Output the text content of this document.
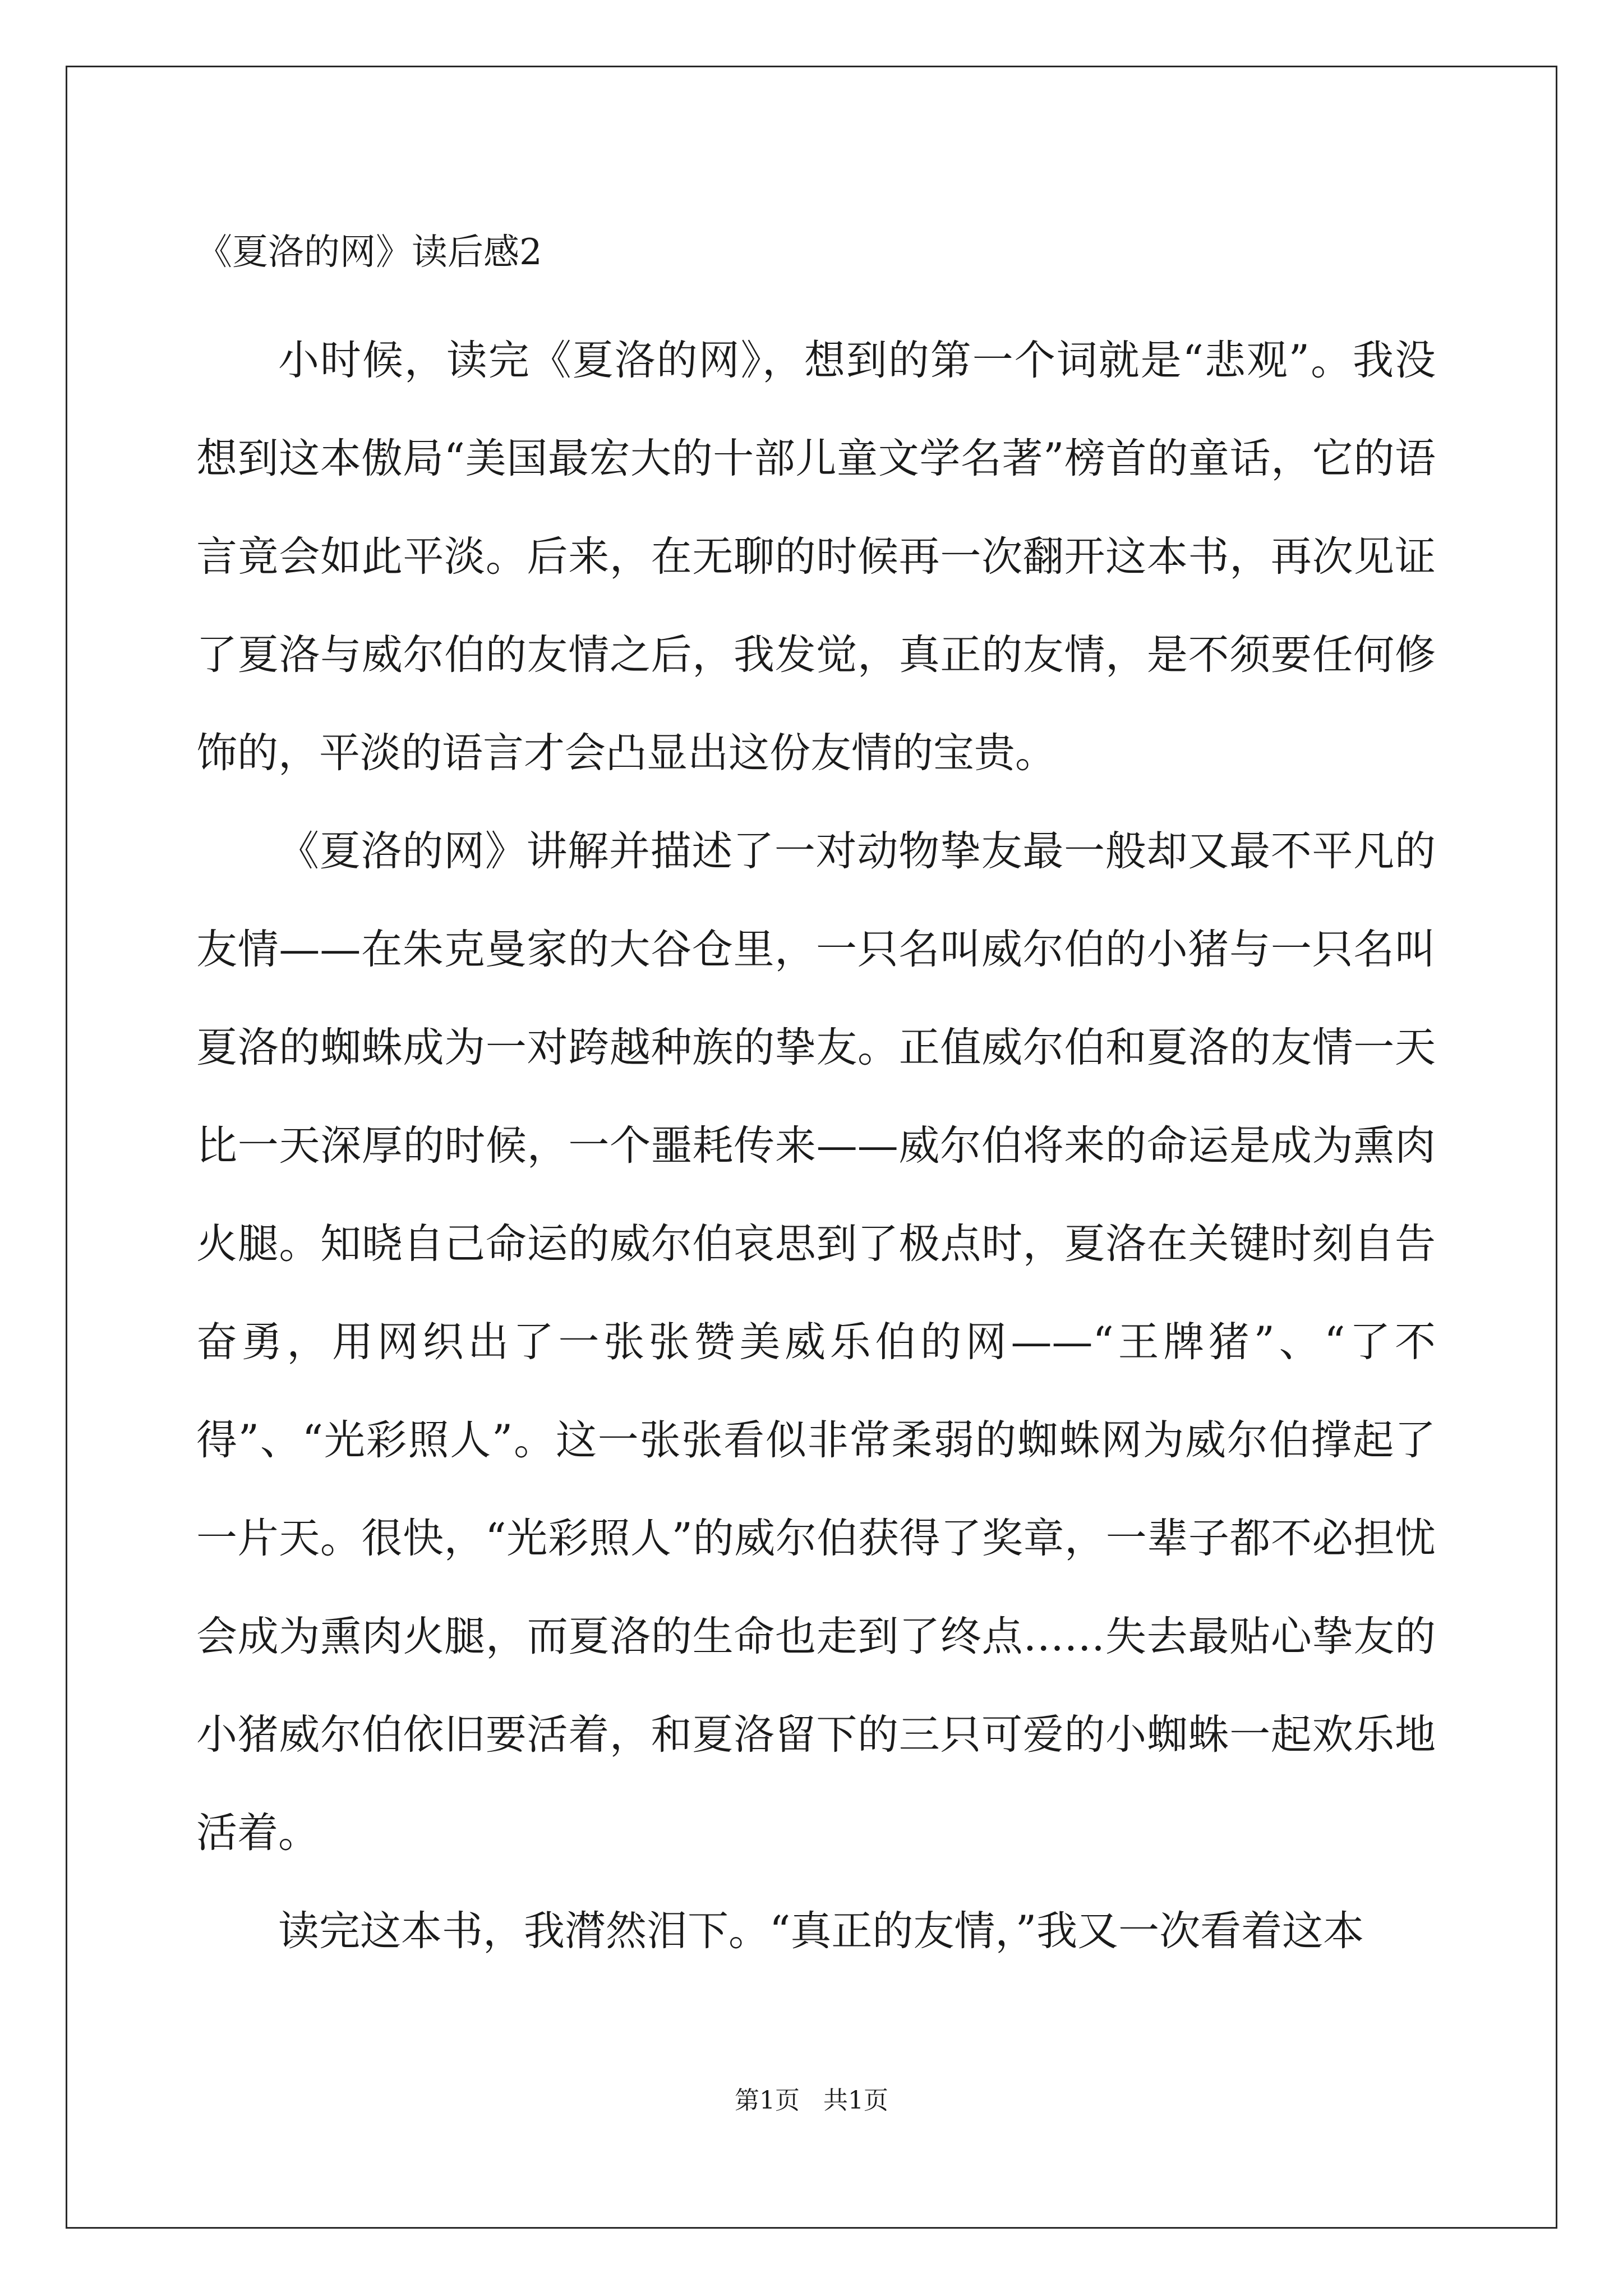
《夏洛的网》读后感2

小时候，读完《夏洛的网》，想到的第一个词就是“悲观”。我没想到这本傲局“美国最宏大的十部儿童文学名著”榜首的童话，它的语言竟会如此平淡。后来，在无聊的时候再一次翻开这本书，再次见证了夏洛与威尔伯的友情之后，我发觉，真正的友情，是不须要任何修饰的，平淡的语言才会凸显出这份友情的宝贵。

《夏洛的网》讲解并描述了一对动物挚友最一般却又最不平凡的友情——在朱克曼家的大谷仓里，一只名叫威尔伯的小猪与一只名叫夏洛的蜘蛛成为一对跨越种族的挚友。正值威尔伯和夏洛的友情一天比一天深厚的时候，一个噩耗传来——威尔伯将来的命运是成为熏肉火腿。知晓自己命运的威尔伯哀思到了极点时，夏洛在关键时刻自告奋勇，用网织出了一张张赞美威乐伯的网——“王牌猪”、“了不得”、“光彩照人”。这一张张看似非常柔弱的蜘蛛网为威尔伯撑起了一片天。很快，“光彩照人”的威尔伯获得了奖章，一辈子都不必担忧会成为熏肉火腿，而夏洛的生命也走到了终点……失去最贴心挚友的小猪威尔伯依旧要活着，和夏洛留下的三只可爱的小蜘蛛一起欢乐地活着。

读完这本书，我潸然泪下。“真正的友情，”我又一次看着这本

第1页   共1页
